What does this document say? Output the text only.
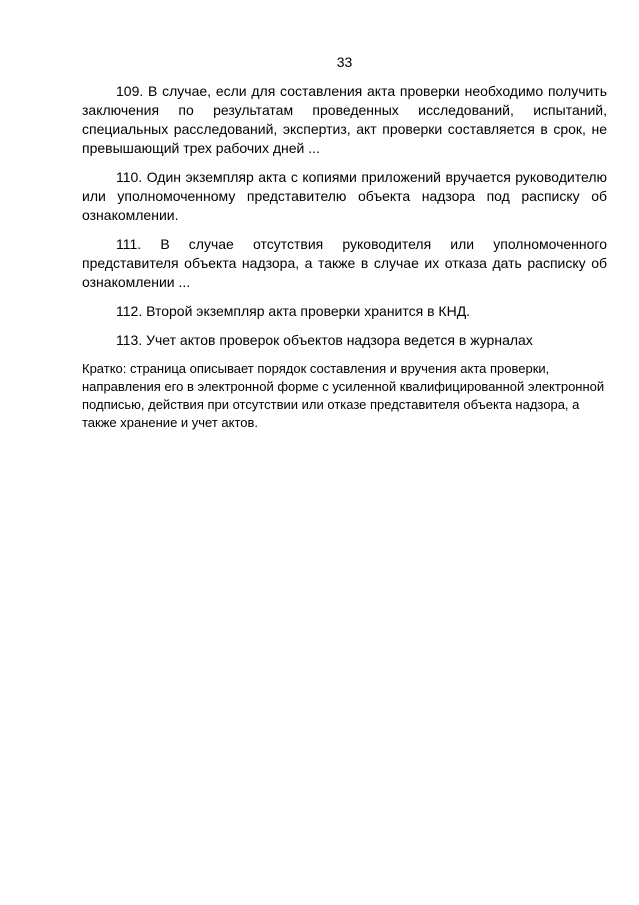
33

109. В случае, если для составления акта проверки необходимо получить заключения по результатам проведенных исследований, испытаний, специальных расследований, экспертиз, акт проверки составляется в срок, не превышающий трех рабочих дней ...

110. Один экземпляр акта с копиями приложений вручается руководителю или уполномоченному представителю объекта надзора под расписку об ознакомлении.

111. В случае отсутствия руководителя или уполномоченного представителя объекта надзора, а также в случае их отказа дать расписку об ознакомлении ...

112. Второй экземпляр акта проверки хранится в КНД.

113. Учет актов проверок объектов надзора ведется в журналах

Кратко: страница описывает порядок составления и вручения акта проверки, направления его в электронной форме с усиленной квалифицированной электронной подписью, действия при отсутствии или отказе представителя объекта надзора, а также хранение и учет актов.
